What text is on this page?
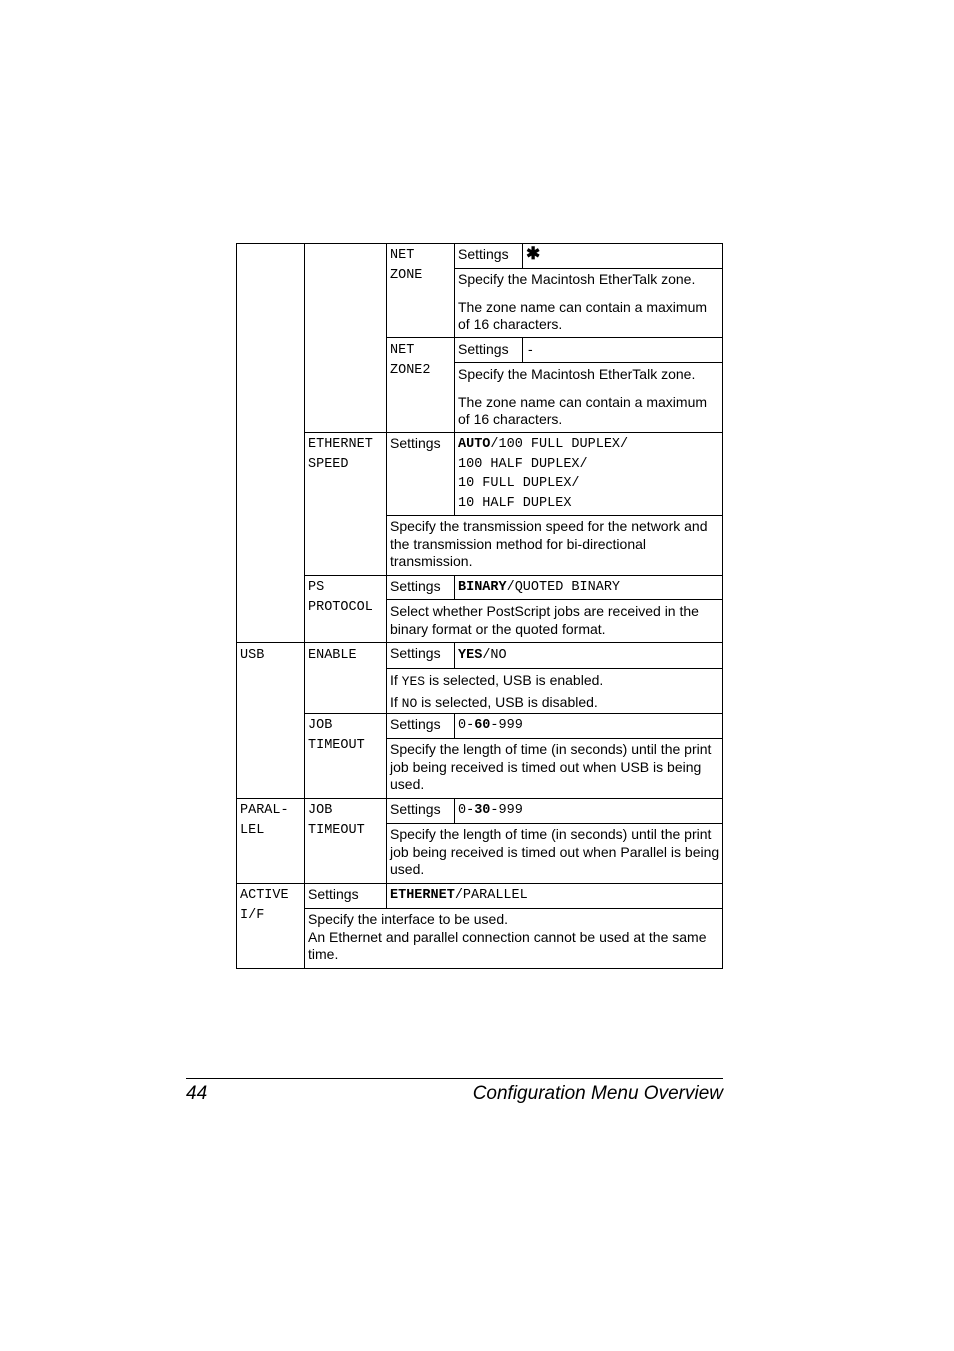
NET
ZONE
Settings ✱

Specify the Macintosh EtherTalk zone.

The zone name can contain a maximum of 16 characters.

NET
ZONE2
Settings -

Specify the Macintosh EtherTalk zone.

The zone name can contain a maximum of 16 characters.

ETHERNET
SPEED
Settings AUTO/100 FULL DUPLEX/
100 HALF DUPLEX/
10 FULL DUPLEX/
10 HALF DUPLEX
Specify the transmission speed for the network and the transmission method for bi-directional transmission.
PS
PROTOCOL
Settings BINARY/QUOTED BINARY
Select whether PostScript jobs are received in the binary format or the quoted format.
USB	ENABLE Settings YES/NO

If YES is selected, USB is enabled.

If NO is selected, USB is disabled.

JOB
TIMEOUT
Settings 0-60-999
Specify the length of time (in seconds) until the print job being received is timed out when USB is being used.
PARAL-
LEL
JOB
TIMEOUT
Settings 0-30-999
Specify the length of time (in seconds) until the print job being received is timed out when Parallel is being used.
ACTIVE
I/F
Settings ETHERNET/PARALLEL

Specify the interface to be used.

An Ethernet and parallel connection cannot be used at the same time.

44	Configuration Menu Overview
